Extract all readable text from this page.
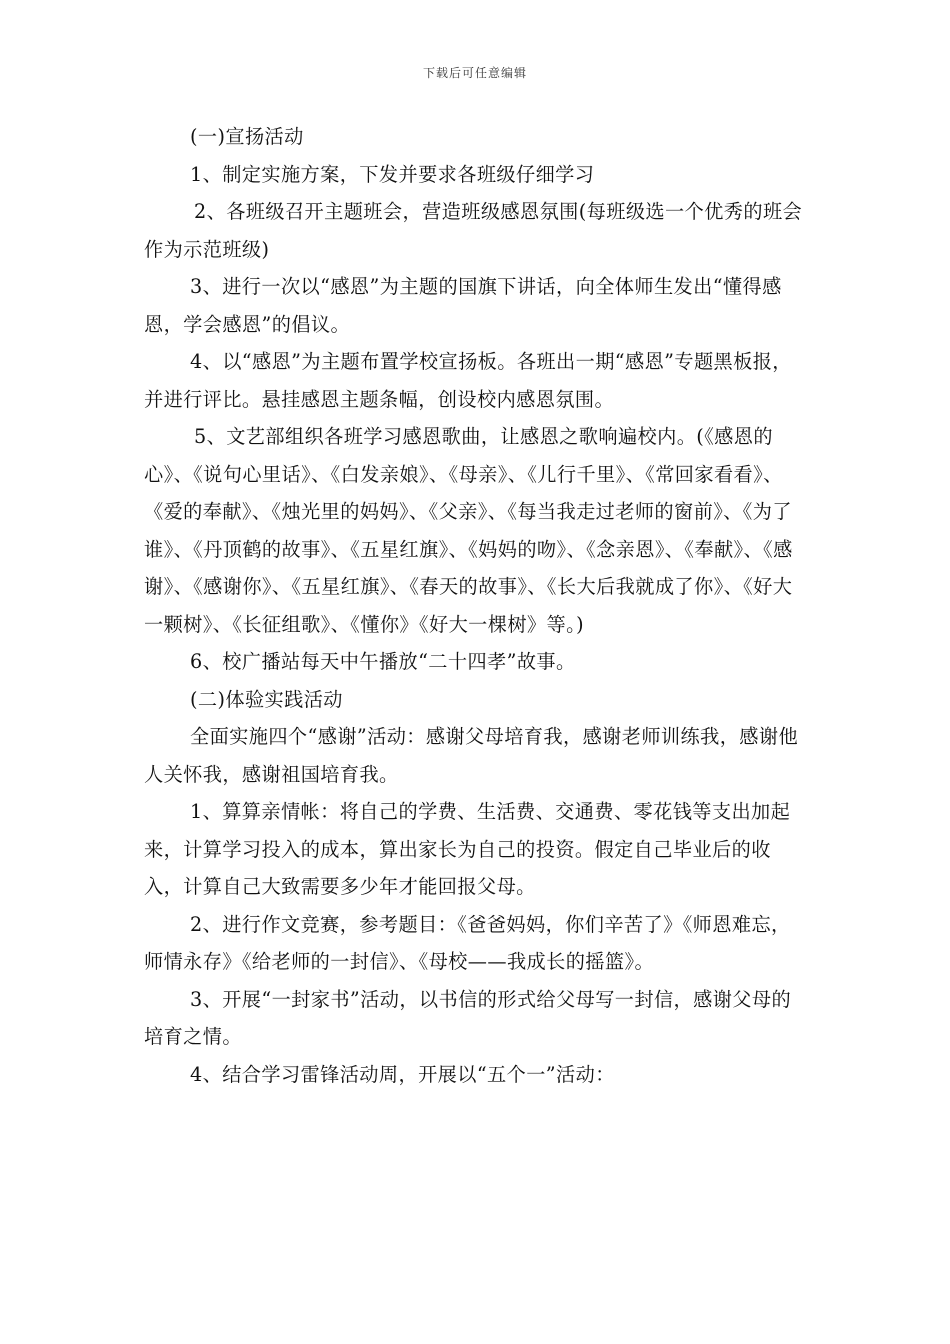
下载后可任意编辑

(一)宣扬活动

1、制定实施方案，下发并要求各班级仔细学习

2、各班级召开主题班会，营造班级感恩氛围(每班级选一个优秀的班会作为示范班级)

3、进行一次以“感恩”为主题的国旗下讲话，向全体师生发出“懂得感恩，学会感恩”的倡议。

4、以“感恩”为主题布置学校宣扬板。各班出一期“感恩”专题黑板报，并进行评比。悬挂感恩主题条幅，创设校内感恩氛围。

5、文艺部组织各班学习感恩歌曲，让感恩之歌响遍校内。(《感恩的心》、《说句心里话》、《白发亲娘》、《母亲》、《儿行千里》、《常回家看看》、《爱的奉献》、《烛光里的妈妈》、《父亲》、《每当我走过老师的窗前》、《为了谁》、《丹顶鹤的故事》、《五星红旗》、《妈妈的吻》、《念亲恩》、《奉献》、《感谢》、《感谢你》、《五星红旗》、《春天的故事》、《长大后我就成了你》、《好大一颗树》、《长征组歌》、《懂你》《好大一棵树》等。)

6、校广播站每天中午播放“二十四孝”故事。

(二)体验实践活动

全面实施四个“感谢”活动：感谢父母培育我，感谢老师训练我，感谢他人关怀我，感谢祖国培育我。

1、算算亲情帐：将自己的学费、生活费、交通费、零花钱等支出加起来，计算学习投入的成本，算出家长为自己的投资。假定自己毕业后的收入，计算自己大致需要多少年才能回报父母。

2、进行作文竞赛，参考题目：《爸爸妈妈，你们辛苦了》《师恩难忘，师情永存》《给老师的一封信》、《母校——我成长的摇篮》。

3、开展“一封家书”活动，以书信的形式给父母写一封信，感谢父母的培育之情。

4、结合学习雷锋活动周，开展以“五个一”活动：
